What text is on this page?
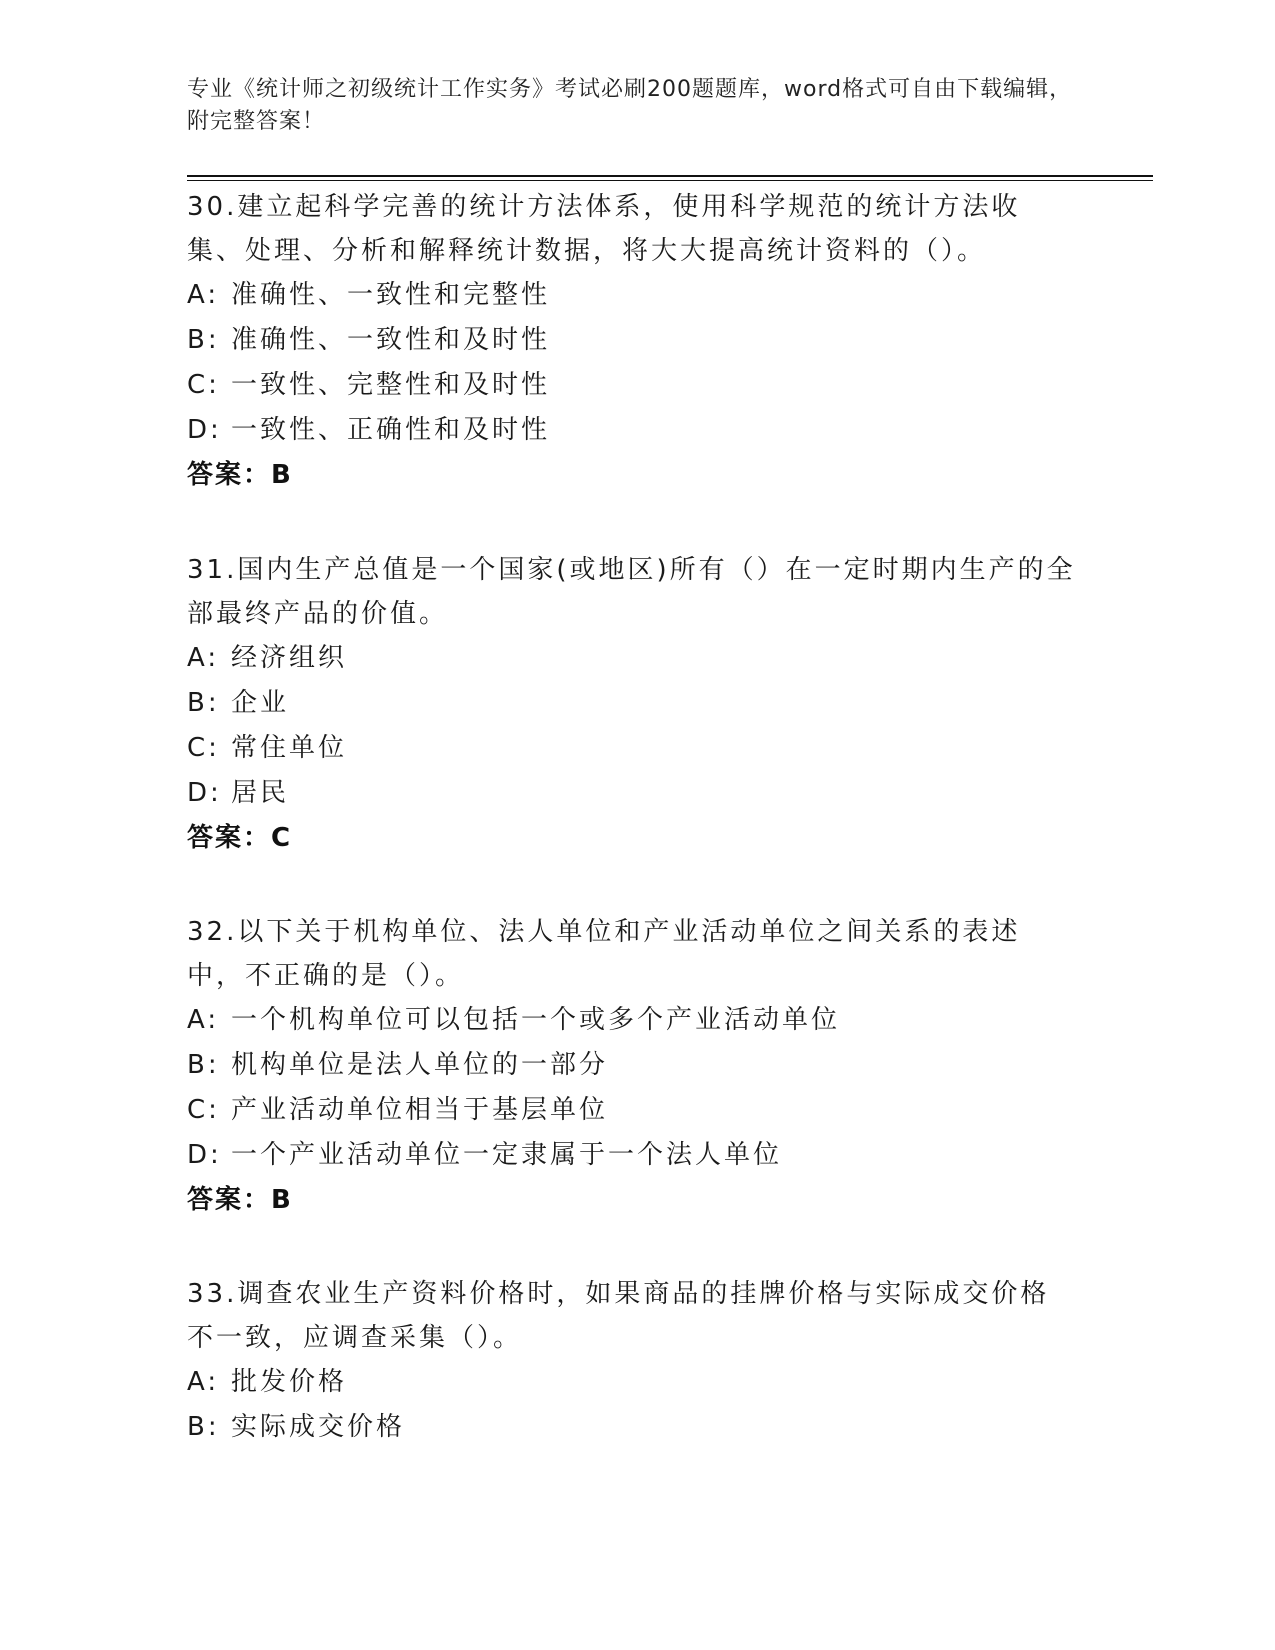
专业《统计师之初级统计工作实务》考试必刷200题题库，word格式可自由下载编辑，附完整答案！
30.建立起科学完善的统计方法体系，使用科学规范的统计方法收集、处理、分析和解释统计数据，将大大提高统计资料的（）。
A: 准确性、一致性和完整性
B: 准确性、一致性和及时性
C: 一致性、完整性和及时性
D: 一致性、正确性和及时性
答案：B
31.国内生产总值是一个国家(或地区)所有（）在一定时期内生产的全部最终产品的价值。
A: 经济组织
B: 企业
C: 常住单位
D: 居民
答案：C
32.以下关于机构单位、法人单位和产业活动单位之间关系的表述中，不正确的是（）。
A: 一个机构单位可以包括一个或多个产业活动单位
B: 机构单位是法人单位的一部分
C: 产业活动单位相当于基层单位
D: 一个产业活动单位一定隶属于一个法人单位
答案：B
33.调查农业生产资料价格时，如果商品的挂牌价格与实际成交价格不一致，应调查采集（）。
A: 批发价格
B: 实际成交价格
